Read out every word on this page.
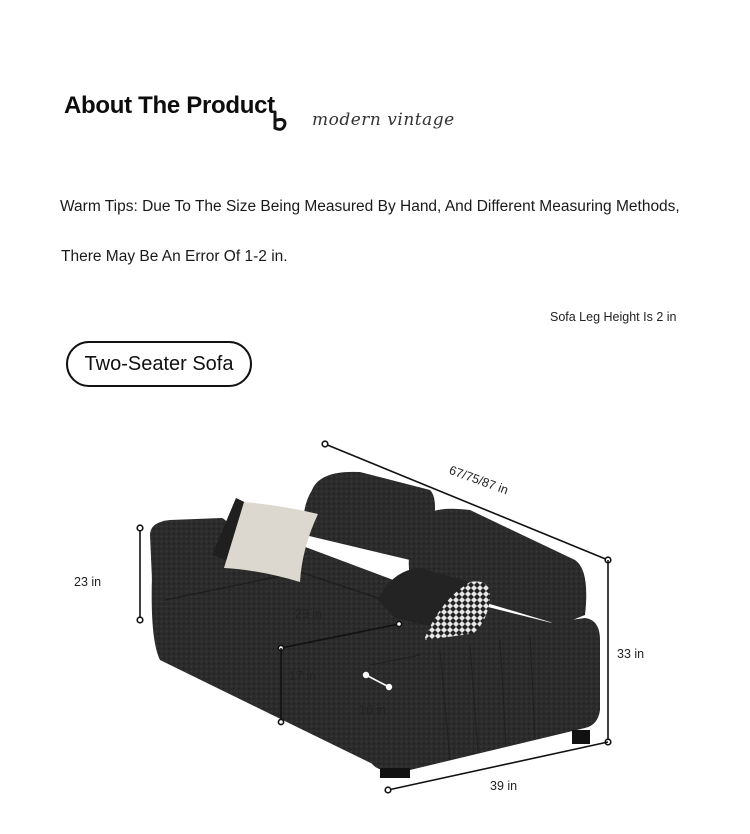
About The Product
modern vintage
Warm Tips: Due To The Size Being Measured By Hand, And Different Measuring Methods,
There May Be An Error Of 1-2 in.
Sofa Leg Height Is 2 in
Two-Seater Sofa
67/75/87 in
23 in
23 in
33 in
17 in
10 in
39 in
